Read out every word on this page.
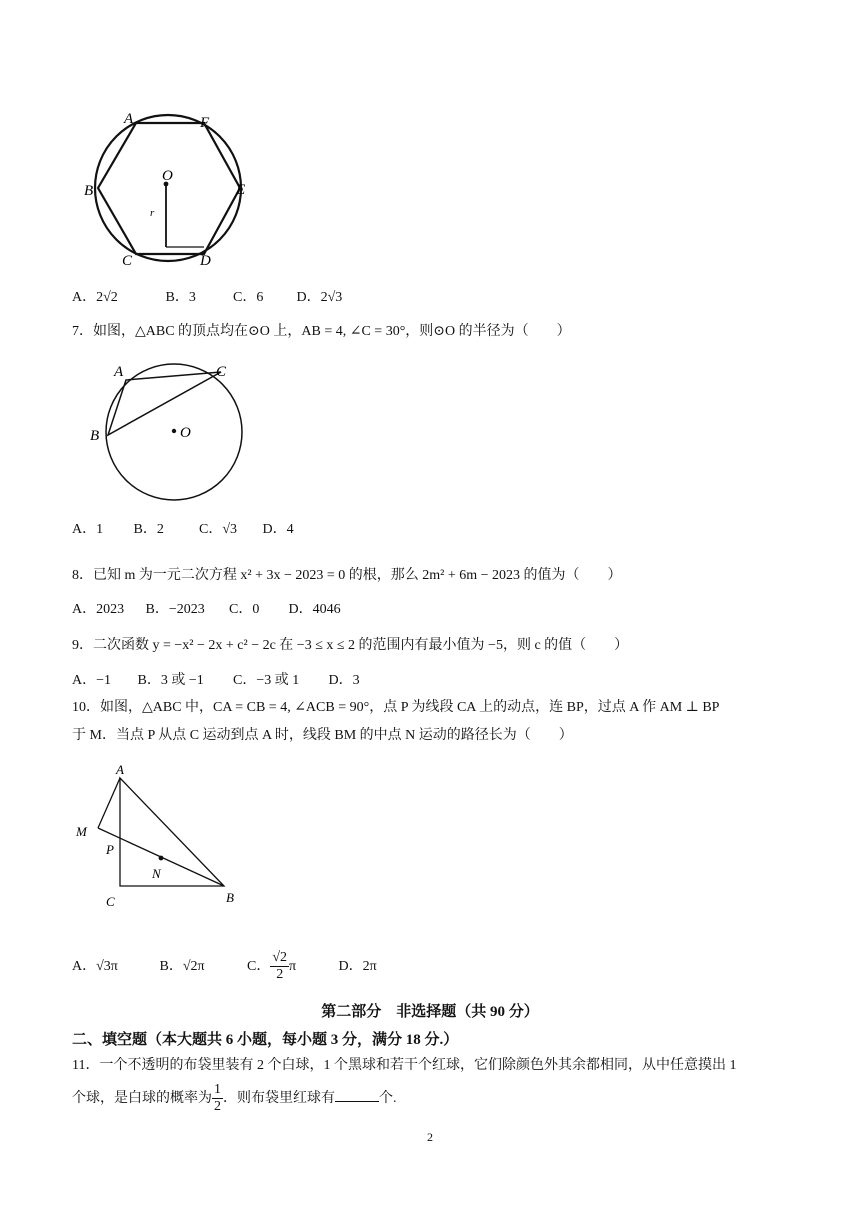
A	F
B	E
C	D
O
r
A．2√2	B．3	C．6 D．2√3
7．如图，△ABC 的顶点均在⊙O 上，AB = 4, ∠C = 30°，则⊙O 的半径为（　　）
A	C
B	O
A．1 B．2	C．√3 D．4
8．已知 m 为一元二次方程 x² + 3x − 2023 = 0 的根，那么 2m² + 6m − 2023 的值为（　　）
A．2023 B．−2023 C．0 D．4046
9．二次函数 y = −x² − 2x + c² − 2c 在 −3 ≤ x ≤ 2 的范围内有最小值为 −5，则 c 的值（　　）
A．−1 B．3 或 −1 C．−3 或 1 D．3
10．如图，△ABC 中，CA = CB = 4, ∠ACB = 90°，点 P 为线段 CA 上的动点，连 BP，过点 A 作 AM ⊥ BP
于 M．当点 P 从点 C 运动到点 A 时，线段 BM 的中点 N 运动的路径长为（　　）
A
M
P
N
C	B
A．√3π	B．√2π	C． $\frac{√2}{2}$ π	D．2π
第二部分　非选择题（共 90 分）
二、填空题（本大题共 6 小题，每小题 3 分，满分 18 分.）
11．一个不透明的布袋里装有 2 个白球，1 个黑球和若干个红球，它们除颜色外其余都相同，从中任意摸出 1
个球，是白球的概率为 $\frac{1}{2}$ ．则布袋里红球有	个.
2
